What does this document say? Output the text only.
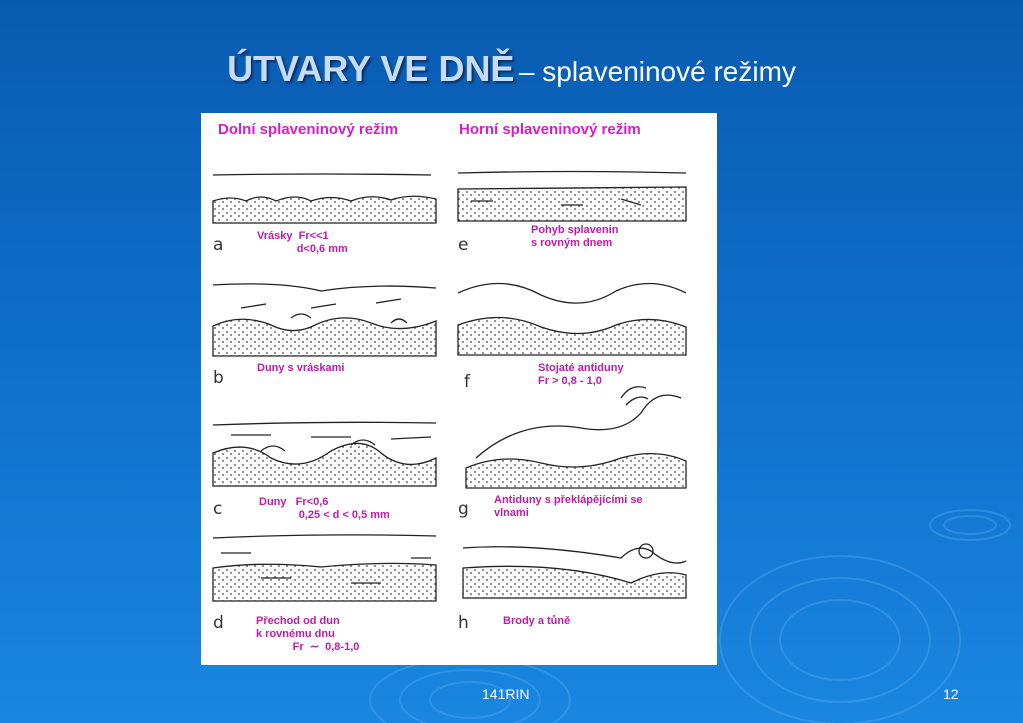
ÚTVARY VE DNĚ – splaveninové režimy
Dolní splaveninový režim	Horní splaveninový režim
Vrásky  Fr<<1
d<0,6 mm
a
Duny s vráskami
b
Duny   Fr<0,6
0,25 < d < 0,5 mm
c
Přechod od dun
k rovnému dnu
Fr  ∼  0,8-1,0
d
Pohyb splavenin
s rovným dnem
e
Stojaté antiduny
Fr > 0,8 - 1,0
f
Antiduny s překlápějícími se
vlnami
g
Brody a tůně
h
141RIN	12
